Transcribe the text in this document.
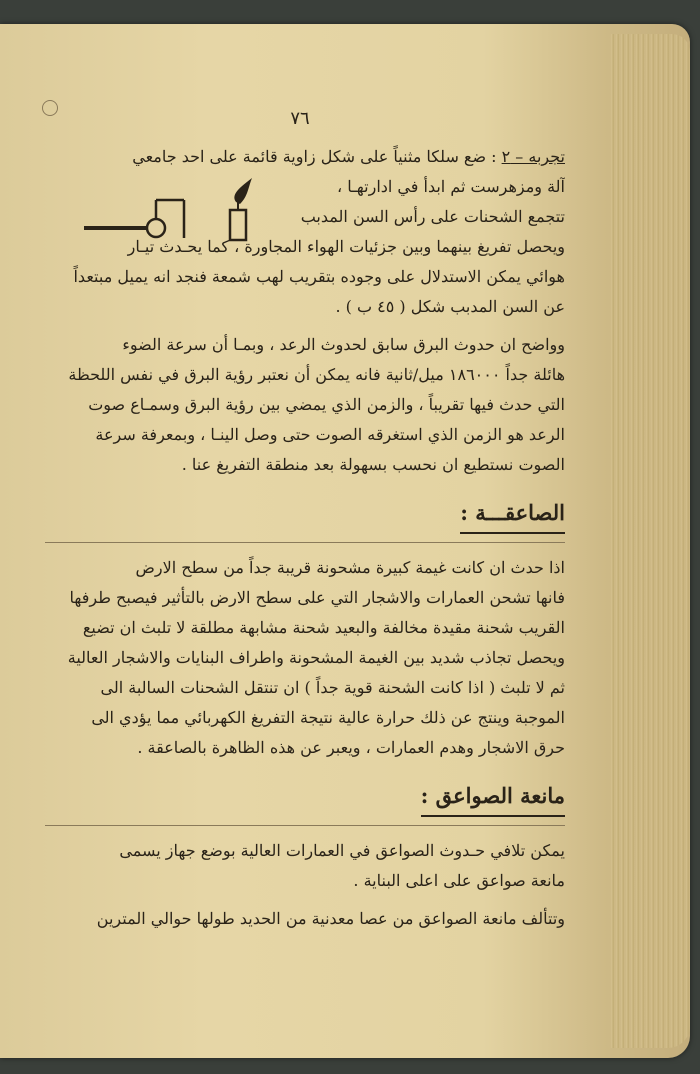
٧٦
تجربه – ٢ : ضع سلكا مثنياً على شكل زاوية قائمة على احد جامعي
آلة ومزهرست ثم ابدأ في ادارتهـا ،
تتجمع الشحنات على رأس السن المدبب
ويحصل تفريغ بينهما وبين جزئيات الهواء المجاورة ، كما يحـدث تيـار
هوائي يمكن الاستدلال على وجوده بتقريب لهب شمعة فنجد انه يميل مبتعداً
عن السن المدبب شكل ( ٤٥ ب ) .
وواضح ان حدوث البرق سابق لحدوث الرعد ، وبمـا أن سرعة الضوء
هائلة جداً ١٨٦٠٠٠ ميل/ثانية فانه يمكن أن نعتبر رؤية البرق في نفس اللحظة
التي حدث فيها تقريباً ، والزمن الذي يمضي بين رؤية البرق وسمـاع صوت
الرعد هو الزمن الذي استغرقه الصوت حتى وصل الينـا ، وبمعرفة سرعة
الصوت نستطيع ان نحسب بسهولة بعد منطقة التفريغ عنا .
الصاعقـــة :
اذا حدث ان كانت غيمة كبيرة مشحونة قريبة جداً من سطح الارض
فانها تشحن العمارات والاشجار التي على سطح الارض بالتأثير فيصبح طرفها
القريب شحنة مقيدة مخالفة والبعيد شحنة مشابهة مطلقة لا تلبث ان تضيع
ويحصل تجاذب شديد بين الغيمة المشحونة واطراف البنايات والاشجار العالية
ثم لا تلبث ( اذا كانت الشحنة قوية جداً ) ان تنتقل الشحنات السالبة الى
الموجبة وينتج عن ذلك حرارة عالية نتيجة التفريغ الكهربائي مما يؤدي الى
حرق الاشجار وهدم العمارات ، ويعبر عن هذه الظاهرة بالصاعقة .
مانعة الصواعق :
يمكن تلافي حـدوث الصواعق في العمارات العالية بوضع جهاز يسمى
مانعة صواعق على اعلى البناية .
وتتألف مانعة الصواعق من عصا معدنية من الحديد طولها حوالي المترين
